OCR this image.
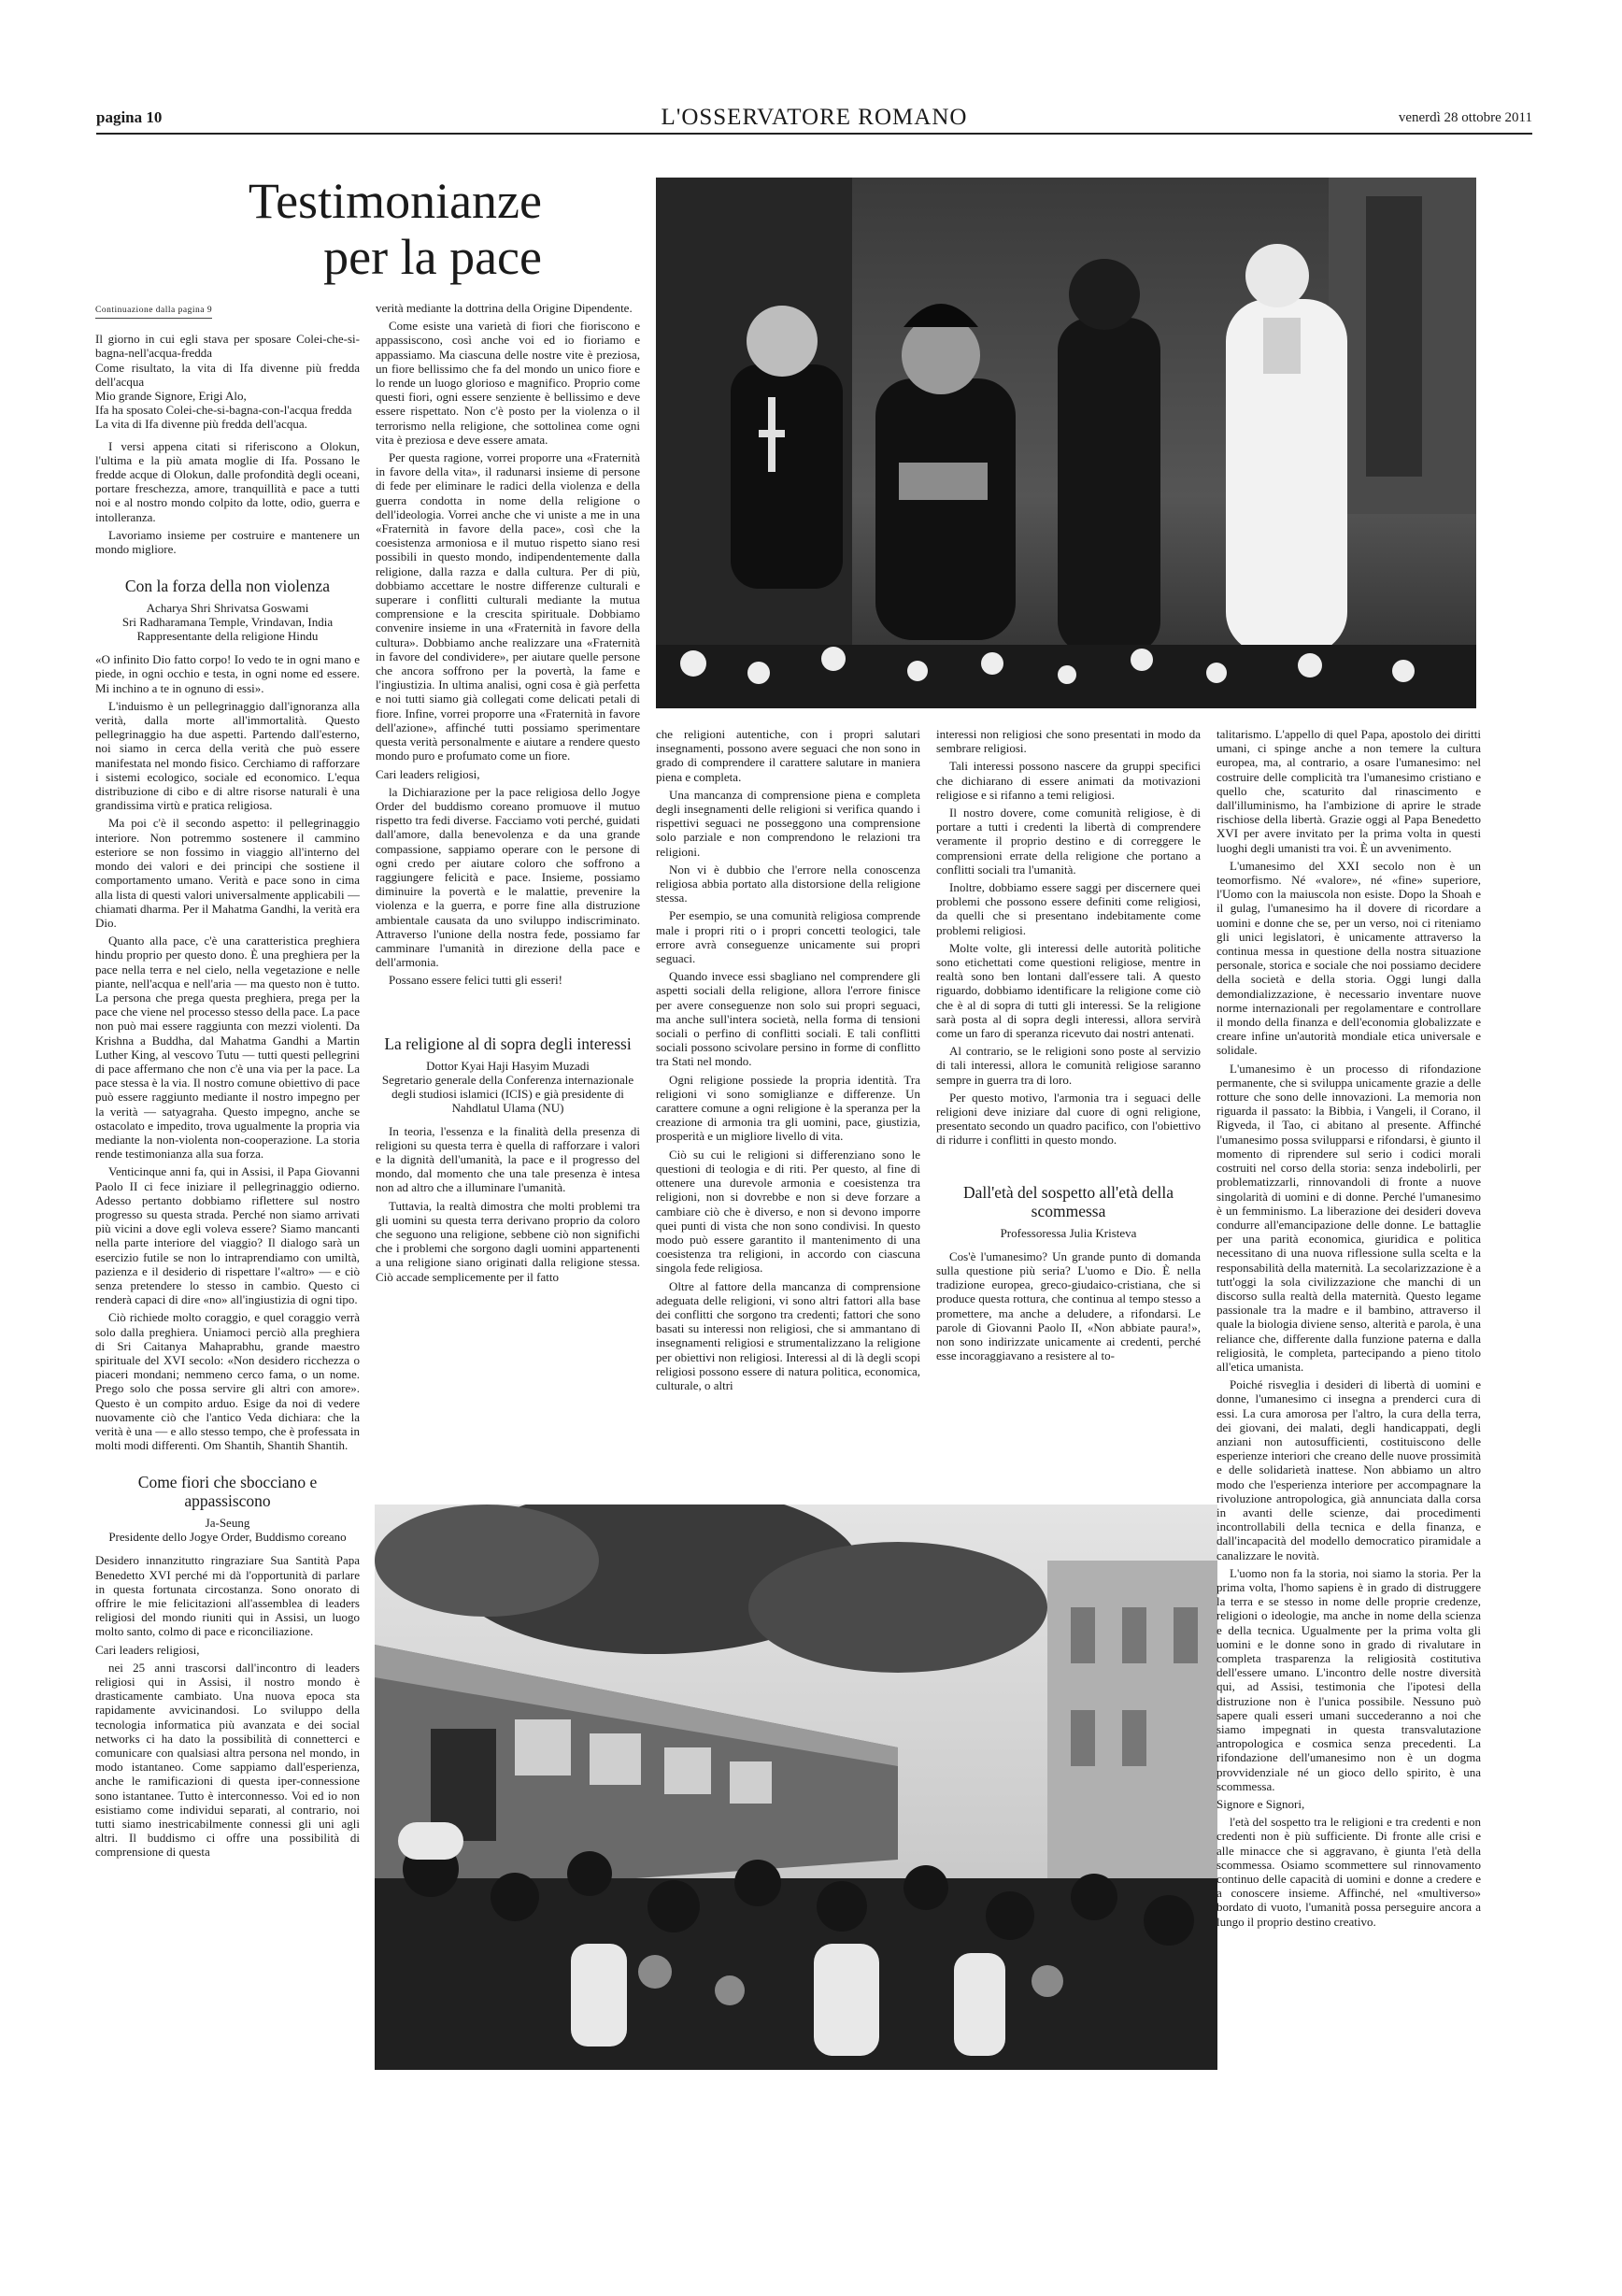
pagina 10	L'OSSERVATORE ROMANO	venerdì 28 ottobre 2011
Testimonianze
per la pace
Continuazione dalla pagina 9

Il giorno in cui egli stava per sposare Colei-che-si-bagna-nell'acqua-fredda

Come risultato, la vita di Ifa divenne più fredda dell'acqua

Mio grande Signore, Erigi Alo,

Ifa ha sposato Colei-che-si-bagna-con-l'acqua fredda

La vita di Ifa divenne più fredda dell'acqua.

I versi appena citati si riferiscono a Olokun, l'ultima e la più amata moglie di Ifa. Possano le fredde acque di Olokun, dalle profondità degli oceani, portare freschezza, amore, tranquillità e pace a tutti noi e al nostro mondo colpito da lotte, odio, guerra e intolleranza.

Lavoriamo insieme per costruire e mantenere un mondo migliore.

Con la forza della non violenza
Acharya Shri Shrivatsa Goswami
Sri Radharamana Temple, Vrindavan, India Rappresentante della religione Hindu

«O infinito Dio fatto corpo! Io vedo te in ogni mano e piede, in ogni occhio e testa, in ogni nome ed essere. Mi inchino a te in ognuno di essi».

L'induismo è un pellegrinaggio dall'ignoranza alla verità, dalla morte all'immortalità. Questo pellegrinaggio ha due aspetti. Partendo dall'esterno, noi siamo in cerca della verità che può essere manifestata nel mondo fisico. Cerchiamo di rafforzare i sistemi ecologico, sociale ed economico. L'equa distribuzione di cibo e di altre risorse naturali è una grandissima virtù e pratica religiosa.

Ma poi c'è il secondo aspetto: il pellegrinaggio interiore. Non potremmo sostenere il cammino esteriore se non fossimo in viaggio all'interno del mondo dei valori e dei principi che sostiene il comportamento umano. Verità e pace sono in cima alla lista di questi valori universalmente applicabili — chiamati dharma. Per il Mahatma Gandhi, la verità era Dio.

Quanto alla pace, c'è una caratteristica preghiera hindu proprio per questo dono. È una preghiera per la pace nella terra e nel cielo, nella vegetazione e nelle piante, nell'acqua e nell'aria — ma questo non è tutto. La persona che prega questa preghiera, prega per la pace che viene nel processo stesso della pace. La pace non può mai essere raggiunta con mezzi violenti. Da Krishna a Buddha, dal Mahatma Gandhi a Martin Luther King, al vescovo Tutu — tutti questi pellegrini di pace affermano che non c'è una via per la pace. La pace stessa è la via. Il nostro comune obiettivo di pace può essere raggiunto mediante il nostro impegno per la verità — satyagraha. Questo impegno, anche se ostacolato e impedito, trova ugualmente la propria via mediante la non-violenta non-cooperazione. La storia rende testimonianza alla sua forza.

Venticinque anni fa, qui in Assisi, il Papa Giovanni Paolo II ci fece iniziare il pellegrinaggio odierno. Adesso pertanto dobbiamo riflettere sul nostro progresso su questa strada. Perché non siamo arrivati più vicini a dove egli voleva essere? Siamo mancanti nella parte interiore del viaggio? Il dialogo sarà un esercizio futile se non lo intraprendiamo con umiltà, pazienza e il desiderio di rispettare l'«altro» — e ciò senza pretendere lo stesso in cambio. Questo ci renderà capaci di dire «no» all'ingiustizia di ogni tipo.

Ciò richiede molto coraggio, e quel coraggio verrà solo dalla preghiera. Uniamoci perciò alla preghiera di Sri Caitanya Mahaprabhu, grande maestro spirituale del XVI secolo: «Non desidero ricchezza o piaceri mondani; nemmeno cerco fama, o un nome. Prego solo che possa servire gli altri con amore». Questo è un compito arduo. Esige da noi di vedere nuovamente ciò che l'antico Veda dichiara: che la verità è una — e allo stesso tempo, che è professata in molti modi differenti. Om Shantih, Shantih Shantih.

Come fiori che sbocciano e appassiscono
Ja-Seung
Presidente dello Jogye Order, Buddismo coreano

Desidero innanzitutto ringraziare Sua Santità Papa Benedetto XVI perché mi dà l'opportunità di parlare in questa fortunata circostanza. Sono onorato di offrire le mie felicitazioni all'assemblea di leaders religiosi del mondo riuniti qui in Assisi, un luogo molto santo, colmo di pace e riconciliazione.

Cari leaders religiosi,

nei 25 anni trascorsi dall'incontro di leaders religiosi qui in Assisi, il nostro mondo è drasticamente cambiato. Una nuova epoca sta rapidamente avvicinandosi. Lo sviluppo della tecnologia informatica più avanzata e dei social networks ci ha dato la possibilità di connetterci e comunicare con qualsiasi altra persona nel mondo, in modo istantaneo. Come sappiamo dall'esperienza, anche le ramificazioni di questa iper-connessione sono istantanee. Tutto è interconnesso. Voi ed io non esistiamo come individui separati, al contrario, noi tutti siamo inestricabilmente connessi gli uni agli altri. Il buddismo ci offre una possibilità di comprensione di questa

verità mediante la dottrina della Origine Dipendente.

Come esiste una varietà di fiori che fioriscono e appassiscono, così anche voi ed io fioriamo e appassiamo. Ma ciascuna delle nostre vite è preziosa, un fiore bellissimo che fa del mondo un unico fiore e lo rende un luogo glorioso e magnifico. Proprio come questi fiori, ogni essere senziente è bellissimo e deve essere rispettato. Non c'è posto per la violenza o il terrorismo nella religione, che sottolinea come ogni vita è preziosa e deve essere amata.

Per questa ragione, vorrei proporre una «Fraternità in favore della vita», il radunarsi insieme di persone di fede per eliminare le radici della violenza e della guerra condotta in nome della religione o dell'ideologia. Vorrei anche che vi uniste a me in una «Fraternità in favore della pace», così che la coesistenza armoniosa e il mutuo rispetto siano resi possibili in questo mondo, indipendentemente dalla religione, dalla razza e dalla cultura. Per di più, dobbiamo accettare le nostre differenze culturali e superare i conflitti culturali mediante la mutua comprensione e la crescita spirituale. Dobbiamo convenire insieme in una «Fraternità in favore della cultura». Dobbiamo anche realizzare una «Fraternità in favore del condividere», per aiutare quelle persone che ancora soffrono per la povertà, la fame e l'ingiustizia. In ultima analisi, ogni cosa è già perfetta e noi tutti siamo già collegati come delicati petali di fiore. Infine, vorrei proporre una «Fraternità in favore dell'azione», affinché tutti possiamo sperimentare questa verità personalmente e aiutare a rendere questo mondo puro e profumato come un fiore.

Cari leaders religiosi,

la Dichiarazione per la pace religiosa dello Jogye Order del buddismo coreano promuove il mutuo rispetto tra fedi diverse. Facciamo voti perché, guidati dall'amore, dalla benevolenza e da una grande compassione, sappiamo operare con le persone di ogni credo per aiutare coloro che soffrono a raggiungere felicità e pace. Insieme, possiamo diminuire la povertà e le malattie, prevenire la violenza e la guerra, e porre fine alla distruzione ambientale causata da uno sviluppo indiscriminato. Attraverso l'unione della nostra fede, possiamo far camminare l'umanità in direzione della pace e dell'armonia.

Possano essere felici tutti gli esseri!

La religione al di sopra degli interessi
Dottor Kyai Haji Hasyim Muzadi
Segretario generale della Conferenza internazionale degli studiosi islamici (ICIS) e già presidente di Nahdlatul Ulama (NU)

In teoria, l'essenza e la finalità della presenza di religioni su questa terra è quella di rafforzare i valori e la dignità dell'umanità, la pace e il progresso del mondo, dal momento che una tale presenza è intesa non ad altro che a illuminare l'umanità.

Tuttavia, la realtà dimostra che molti problemi tra gli uomini su questa terra derivano proprio da coloro che seguono una religione, sebbene ciò non significhi che i problemi che sorgono dagli uomini appartenenti a una religione siano originati dalla religione stessa. Ciò accade semplicemente per il fatto

che religioni autentiche, con i propri salutari insegnamenti, possono avere seguaci che non sono in grado di comprendere il carattere salutare in maniera piena e completa.

Una mancanza di comprensione piena e completa degli insegnamenti delle religioni si verifica quando i rispettivi seguaci ne posseggono una comprensione solo parziale e non comprendono le relazioni tra religioni.

Non vi è dubbio che l'errore nella conoscenza religiosa abbia portato alla distorsione della religione stessa.

Per esempio, se una comunità religiosa comprende male i propri riti o i propri concetti teologici, tale errore avrà conseguenze unicamente sui propri seguaci.

Quando invece essi sbagliano nel comprendere gli aspetti sociali della religione, allora l'errore finisce per avere conseguenze non solo sui propri seguaci, ma anche sull'intera società, nella forma di tensioni sociali o perfino di conflitti sociali. E tali conflitti sociali possono scivolare persino in forme di conflitto tra Stati nel mondo.

Ogni religione possiede la propria identità. Tra religioni vi sono somiglianze e differenze. Un carattere comune a ogni religione è la speranza per la creazione di armonia tra gli uomini, pace, giustizia, prosperità e un migliore livello di vita.

Ciò su cui le religioni si differenziano sono le questioni di teologia e di riti. Per questo, al fine di ottenere una durevole armonia e coesistenza tra religioni, non si dovrebbe e non si deve forzare a cambiare ciò che è diverso, e non si devono imporre quei punti di vista che non sono condivisi. In questo modo può essere garantito il mantenimento di una coesistenza tra religioni, in accordo con ciascuna singola fede religiosa.

Oltre al fattore della mancanza di comprensione adeguata delle religioni, vi sono altri fattori alla base dei conflitti che sorgono tra credenti; fattori che sono basati su interessi non religiosi, che si ammantano di insegnamenti religiosi e strumentalizzano la religione per obiettivi non religiosi. Interessi al di là degli scopi religiosi possono essere di natura politica, economica, culturale, o altri

interessi non religiosi che sono presentati in modo da sembrare religiosi.

Tali interessi possono nascere da gruppi specifici che dichiarano di essere animati da motivazioni religiose e si rifanno a temi religiosi.

Il nostro dovere, come comunità religiose, è di portare a tutti i credenti la libertà di comprendere veramente il proprio destino e di correggere le comprensioni errate della religione che portano a conflitti sociali tra l'umanità.

Inoltre, dobbiamo essere saggi per discernere quei problemi che possono essere definiti come religiosi, da quelli che si presentano indebitamente come problemi religiosi.

Molte volte, gli interessi delle autorità politiche sono etichettati come questioni religiose, mentre in realtà sono ben lontani dall'essere tali. A questo riguardo, dobbiamo identificare la religione come ciò che è al di sopra di tutti gli interessi. Se la religione sarà posta al di sopra degli interessi, allora servirà come un faro di speranza ricevuto dai nostri antenati.

Al contrario, se le religioni sono poste al servizio di tali interessi, allora le comunità religiose saranno sempre in guerra tra di loro.

Per questo motivo, l'armonia tra i seguaci delle religioni deve iniziare dal cuore di ogni religione, presentato secondo un quadro pacifico, con l'obiettivo di ridurre i conflitti in questo mondo.

Dall'età del sospetto all'età della scommessa
Professoressa Julia Kristeva

Cos'è l'umanesimo? Un grande punto di domanda sulla questione più seria? L'uomo e Dio. È nella tradizione europea, greco-giudaico-cristiana, che si produce questa rottura, che continua al tempo stesso a promettere, ma anche a deludere, a rifondarsi. Le parole di Giovanni Paolo II, «Non abbiate paura!», non sono indirizzate unicamente ai credenti, perché esse incoraggiavano a resistere al to-

talitarismo. L'appello di quel Papa, apostolo dei diritti umani, ci spinge anche a non temere la cultura europea, ma, al contrario, a osare l'umanesimo: nel costruire delle complicità tra l'umanesimo cristiano e quello che, scaturito dal rinascimento e dall'illuminismo, ha l'ambizione di aprire le strade rischiose della libertà. Grazie oggi al Papa Benedetto XVI per avere invitato per la prima volta in questi luoghi degli umanisti tra voi. È un avvenimento.

L'umanesimo del XXI secolo non è un teomorfismo. Né «valore», né «fine» superiore, l'Uomo con la maiuscola non esiste. Dopo la Shoah e il gulag, l'umanesimo ha il dovere di ricordare a uomini e donne che se, per un verso, noi ci riteniamo gli unici legislatori, è unicamente attraverso la continua messa in questione della nostra situazione personale, storica e sociale che noi possiamo decidere della società e della storia. Oggi lungi dalla demondializzazione, è necessario inventare nuove norme internazionali per regolamentare e controllare il mondo della finanza e dell'economia globalizzate e creare infine un'autorità mondiale etica universale e solidale.

L'umanesimo è un processo di rifondazione permanente, che si sviluppa unicamente grazie a delle rotture che sono delle innovazioni. La memoria non riguarda il passato: la Bibbia, i Vangeli, il Corano, il Rigveda, il Tao, ci abitano al presente. Affinché l'umanesimo possa svilupparsi e rifondarsi, è giunto il momento di riprendere sul serio i codici morali costruiti nel corso della storia: senza indebolirli, per problematizzarli, rinnovandoli di fronte a nuove singolarità di uomini e di donne. Perché l'umanesimo è un femminismo. La liberazione dei desideri doveva condurre all'emancipazione delle donne. Le battaglie per una parità economica, giuridica e politica necessitano di una nuova riflessione sulla scelta e la responsabilità della maternità. La secolarizzazione è a tutt'oggi la sola civilizzazione che manchi di un discorso sulla realtà della maternità. Questo legame passionale tra la madre e il bambino, attraverso il quale la biologia diviene senso, alterità e parola, è una reliance che, differente dalla funzione paterna e dalla religiosità, le completa, partecipando a pieno titolo all'etica umanista.

Poiché risveglia i desideri di libertà di uomini e donne, l'umanesimo ci insegna a prenderci cura di essi. La cura amorosa per l'altro, la cura della terra, dei giovani, dei malati, degli handicappati, degli anziani non autosufficienti, costituiscono delle esperienze interiori che creano delle nuove prossimità e delle solidarietà inattese. Non abbiamo un altro modo che l'esperienza interiore per accompagnare la rivoluzione antropologica, già annunciata dalla corsa in avanti delle scienze, dai procedimenti incontrollabili della tecnica e della finanza, e dall'incapacità del modello democratico piramidale a canalizzare le novità.

L'uomo non fa la storia, noi siamo la storia. Per la prima volta, l'homo sapiens è in grado di distruggere la terra e se stesso in nome delle proprie credenze, religioni o ideologie, ma anche in nome della scienza e della tecnica. Ugualmente per la prima volta gli uomini e le donne sono in grado di rivalutare in completa trasparenza la religiosità costitutiva dell'essere umano. L'incontro delle nostre diversità qui, ad Assisi, testimonia che l'ipotesi della distruzione non è l'unica possibile. Nessuno può sapere quali esseri umani succederanno a noi che siamo impegnati in questa transvalutazione antropologica e cosmica senza precedenti. La rifondazione dell'umanesimo non è un dogma provvidenziale né un gioco dello spirito, è una scommessa.

Signore e Signori,

l'età del sospetto tra le religioni e tra credenti e non credenti non è più sufficiente. Di fronte alle crisi e alle minacce che si aggravano, è giunta l'età della scommessa. Osiamo scommettere sul rinnovamento continuo delle capacità di uomini e donne a credere e a conoscere insieme. Affinché, nel «multiverso» bordato di vuoto, l'umanità possa perseguire ancora a lungo il proprio destino creativo.
